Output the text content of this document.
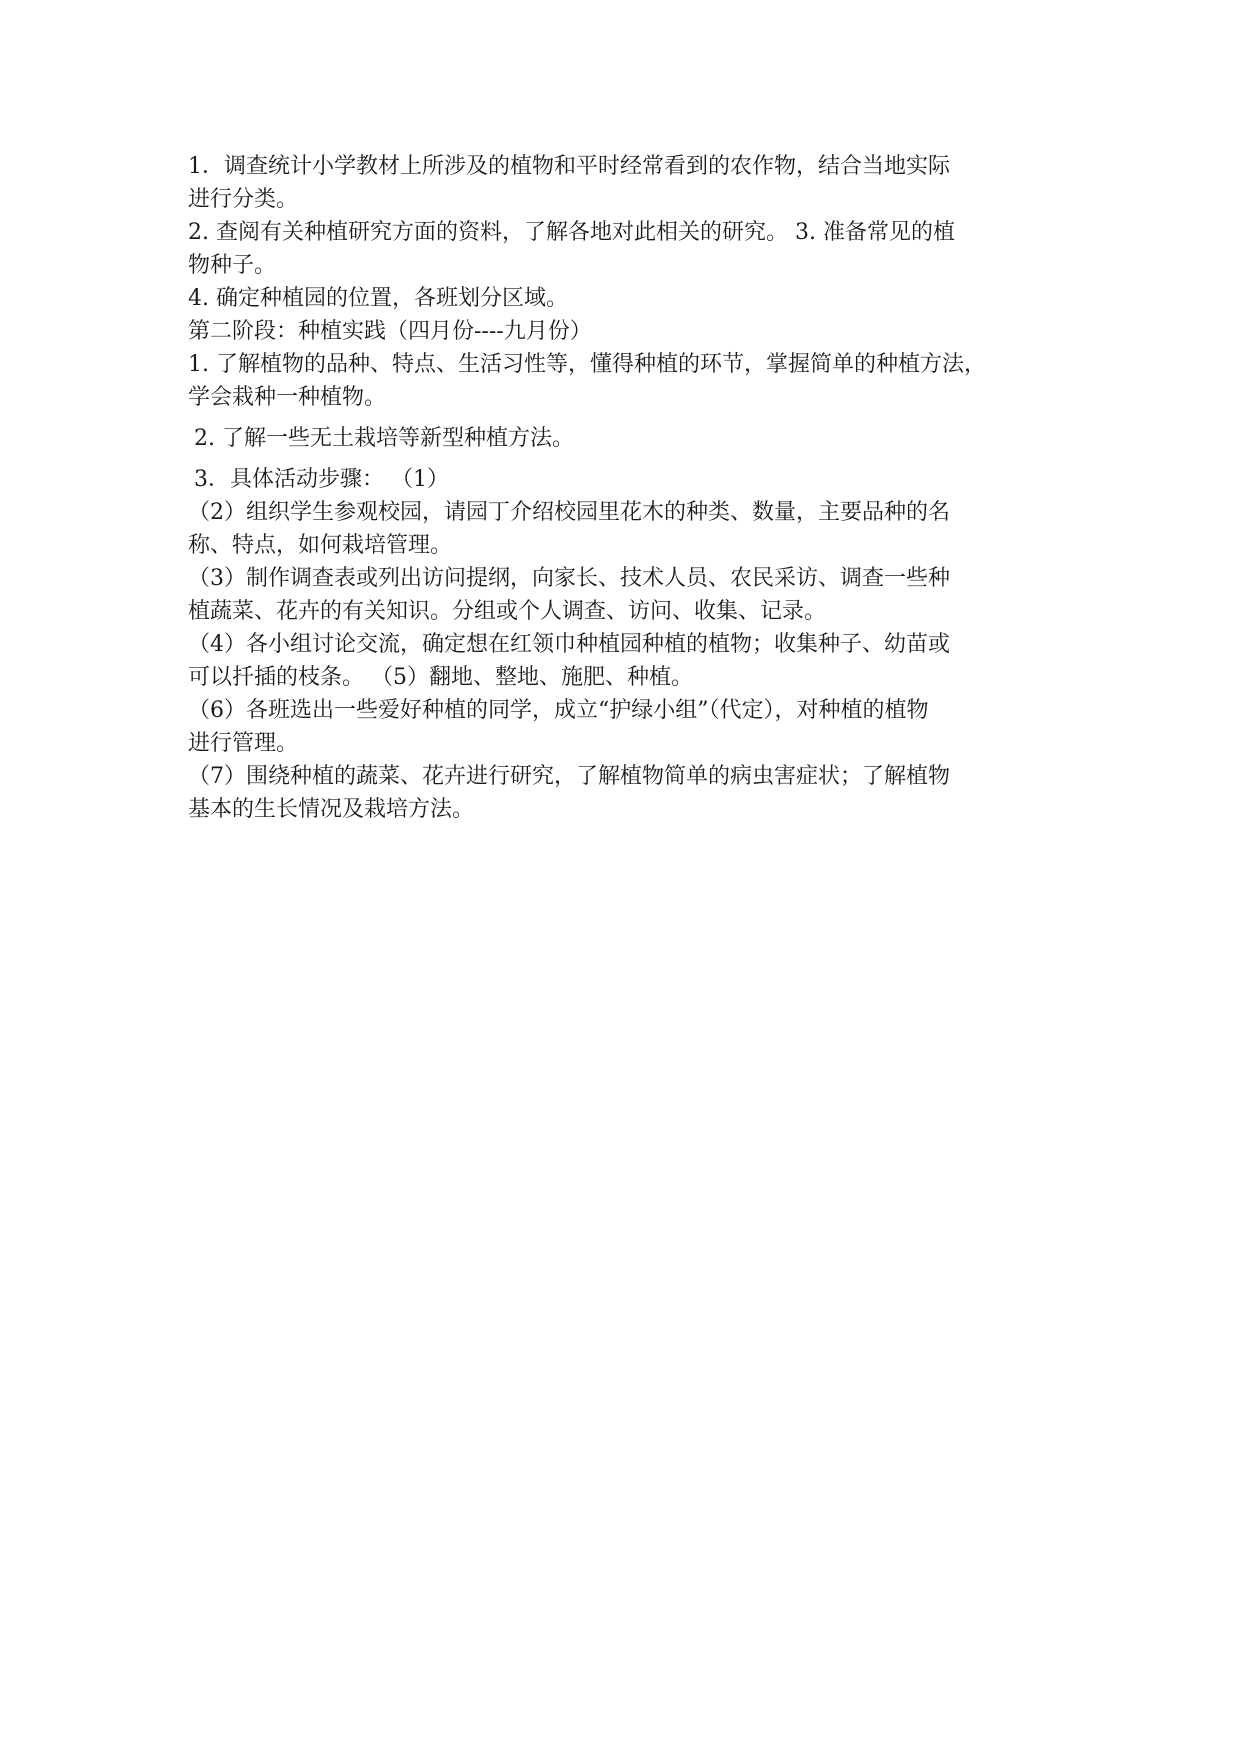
1．调查统计小学教材上所涉及的植物和平时经常看到的农作物，结合当地实际
进行分类。
2. 查阅有关种植研究方面的资料，了解各地对此相关的研究。 3. 准备常见的植
物种子。
4. 确定种植园的位置，各班划分区域。
第二阶段：种植实践（四月份----九月份）
1. 了解植物的品种、特点、生活习性等，懂得种植的环节，掌握简单的种植方法，
学会栽种一种植物。
2. 了解一些无土栽培等新型种植方法。
3．具体活动步骤： （1）
（2）组织学生参观校园，请园丁介绍校园里花木的种类、数量，主要品种的名
称、特点，如何栽培管理。
（3）制作调查表或列出访问提纲，向家长、技术人员、农民采访、调查一些种
植蔬菜、花卉的有关知识。分组或个人调查、访问、收集、记录。
（4）各小组讨论交流，确定想在红领巾种植园种植的植物；收集种子、幼苗或
可以扦插的枝条。 （5）翻地、整地、施肥、种植。
（6）各班选出一些爱好种植的同学，成立“护绿小组”（代定），对种植的植物
进行管理。
（7）围绕种植的蔬菜、花卉进行研究，了解植物简单的病虫害症状；了解植物
基本的生长情况及栽培方法。
